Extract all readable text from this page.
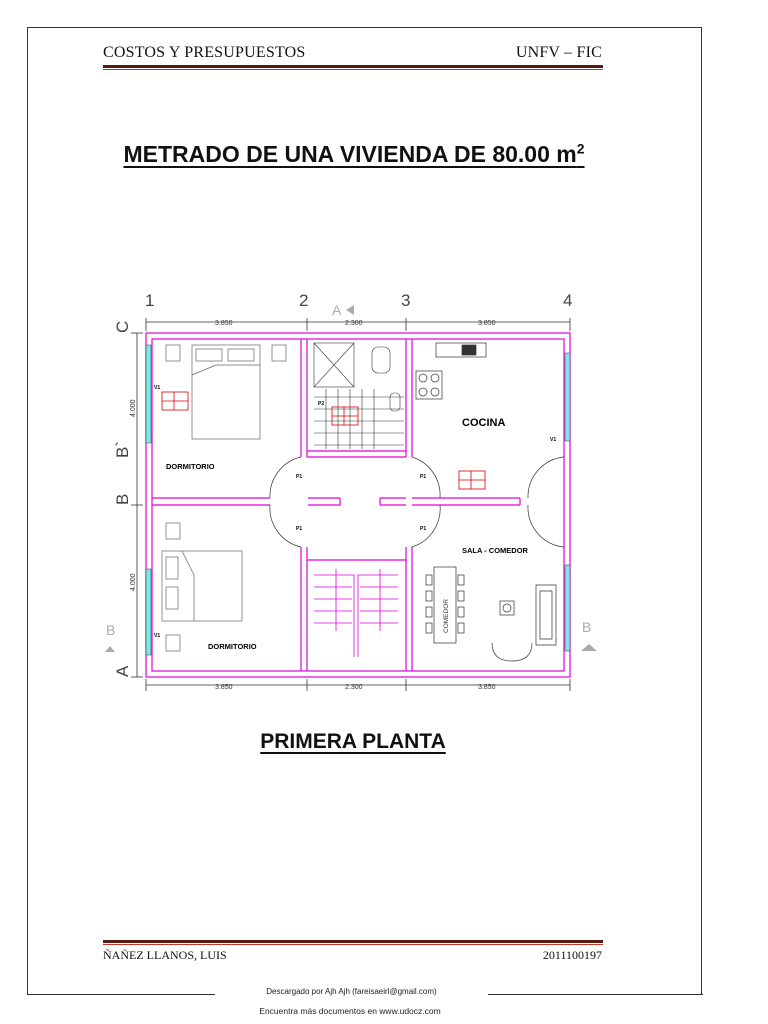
COSTOS Y PRESUPUESTOS	UNFV – FIC
METRADO DE UNA VIVIENDA DE 80.00 $m^2$
1	2	3	4
A
3.850	2.300	3.850
3.850	2.300	3.850
4.000
4.000
C
B`
B
A
B	B
P1
P1
P1
P1
V1
V1
V1
DORMITORIO
DORMITORIO
P2
COCINA
SALA - COMEDOR
COMEDOR
PRIMERA PLANTA
ÑAÑEZ LLANOS, LUIS	2011100197
Descargado por Ajh Ajh (fareisaeirl@gmail.com)
Encuentra más documentos en www.udocz.com
